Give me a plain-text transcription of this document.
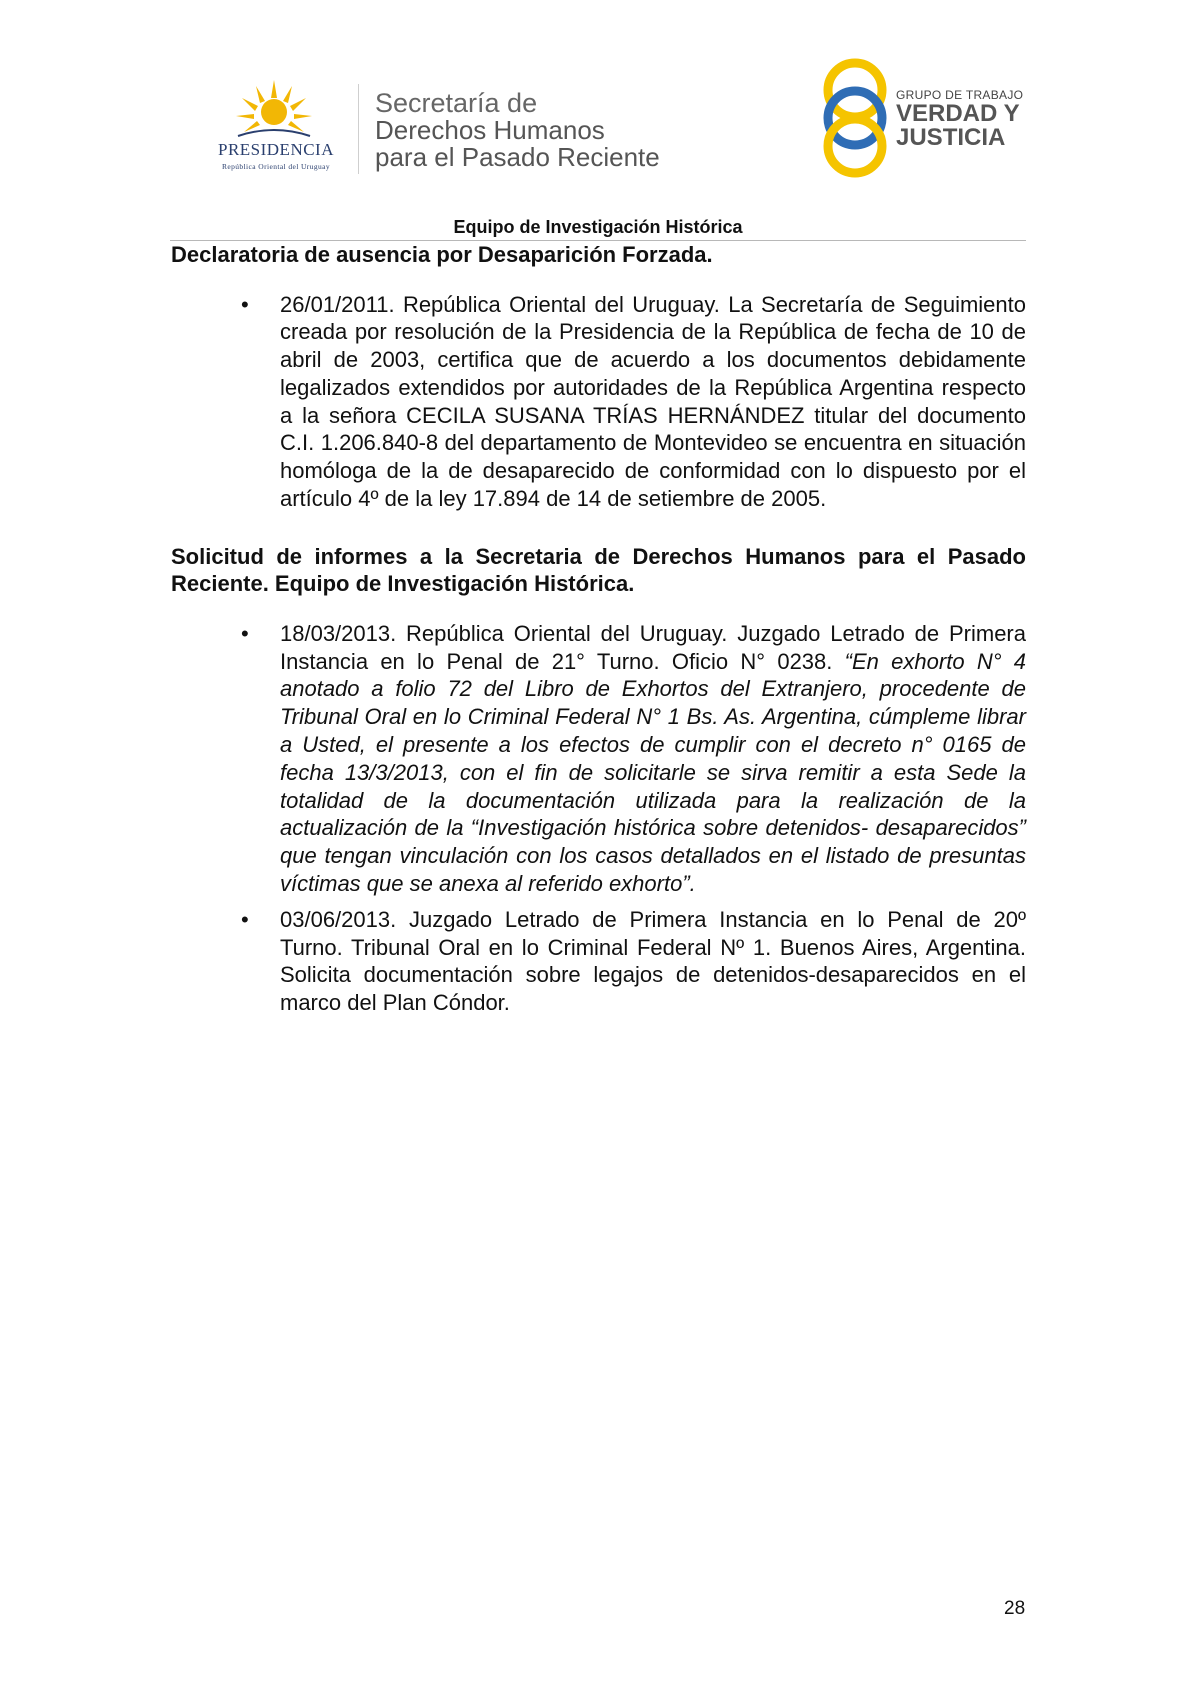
PRESIDENCIA
República Oriental del Uruguay
Secretaría de
Derechos Humanos
para el Pasado Reciente
GRUPO DE TRABAJO
VERDAD Y
JUSTICIA
Equipo de Investigación Histórica
Declaratoria de ausencia por Desaparición Forzada.
• 26/01/2011. República Oriental del Uruguay. La Secretaría de Seguimiento creada por resolución de la Presidencia de la República de fecha de 10 de abril de 2003, certifica que de acuerdo a los documentos debidamente legalizados extendidos por autoridades de la República Argentina respecto a la señora CECILA SUSANA TRÍAS HERNÁNDEZ titular del documento C.I. 1.206.840-8 del departamento de Montevideo se encuentra en situación homóloga de la de desaparecido de conformidad con lo dispuesto por el artículo 4º de la ley 17.894 de 14 de setiembre de 2005.
Solicitud de informes a la Secretaria de Derechos Humanos para el Pasado Reciente. Equipo de Investigación Histórica.
• 18/03/2013. República Oriental del Uruguay. Juzgado Letrado de Primera Instancia en lo Penal de 21° Turno. Oficio N° 0238. “En exhorto N° 4 anotado a folio 72 del Libro de Exhortos del Extranjero, procedente de Tribunal Oral en lo Criminal Federal N° 1 Bs. As. Argentina, cúmpleme librar a Usted, el presente a los efectos de cumplir con el decreto n° 0165 de fecha 13/3/2013, con el fin de solicitarle se sirva remitir a esta Sede la totalidad de la documentación utilizada para la realización de la actualización de la “Investigación histórica sobre detenidos- desaparecidos” que tengan vinculación con los casos detallados en el listado de presuntas víctimas que se anexa al referido exhorto”.
• 03/06/2013. Juzgado Letrado de Primera Instancia en lo Penal de 20º Turno. Tribunal Oral en lo Criminal Federal Nº 1. Buenos Aires, Argentina. Solicita documentación sobre legajos de detenidos-desaparecidos en el marco del Plan Cóndor.
28
